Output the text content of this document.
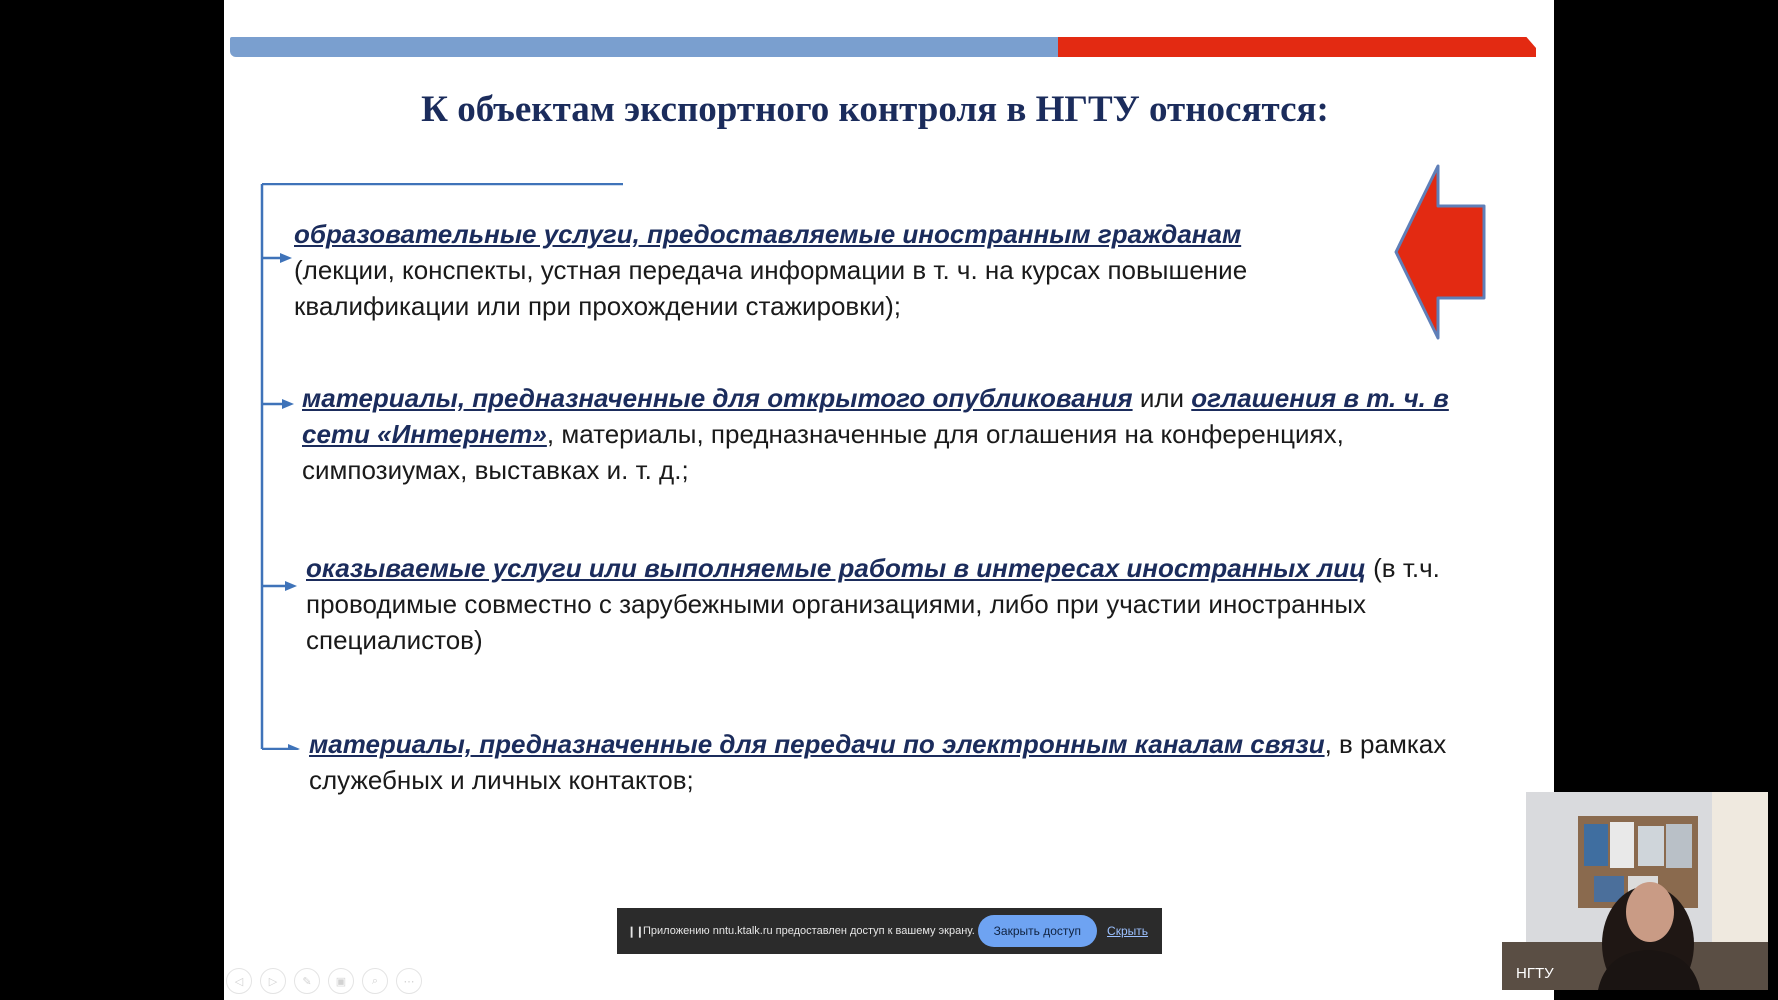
К объектам экспортного контроля в НГТУ относятся:
образовательные услуги, предоставляемые иностранным гражданам
(лекции, конспекты, устная передача информации в т. ч. на курсах повышение квалификации или при прохождении стажировки);
материалы, предназначенные для открытого опубликования или оглашения в т. ч. в сети «Интернет», материалы, предназначенные для оглашения на конференциях, симпозиумах, выставках и. т. д.;
оказываемые услуги или выполняемые работы в интересах иностранных лиц (в т.ч. проводимые совместно с зарубежными организациями, либо при участии иностранных специалистов)
материалы, предназначенные для передачи по электронным каналам связи, в рамках служебных и личных контактов;
◁	▷	✎	▣	⌕	⋯
❙❙ Приложению nntu.ktalk.ru предоставлен доступ к вашему экрану.	Закрыть доступ	Скрыть
НГТУ
